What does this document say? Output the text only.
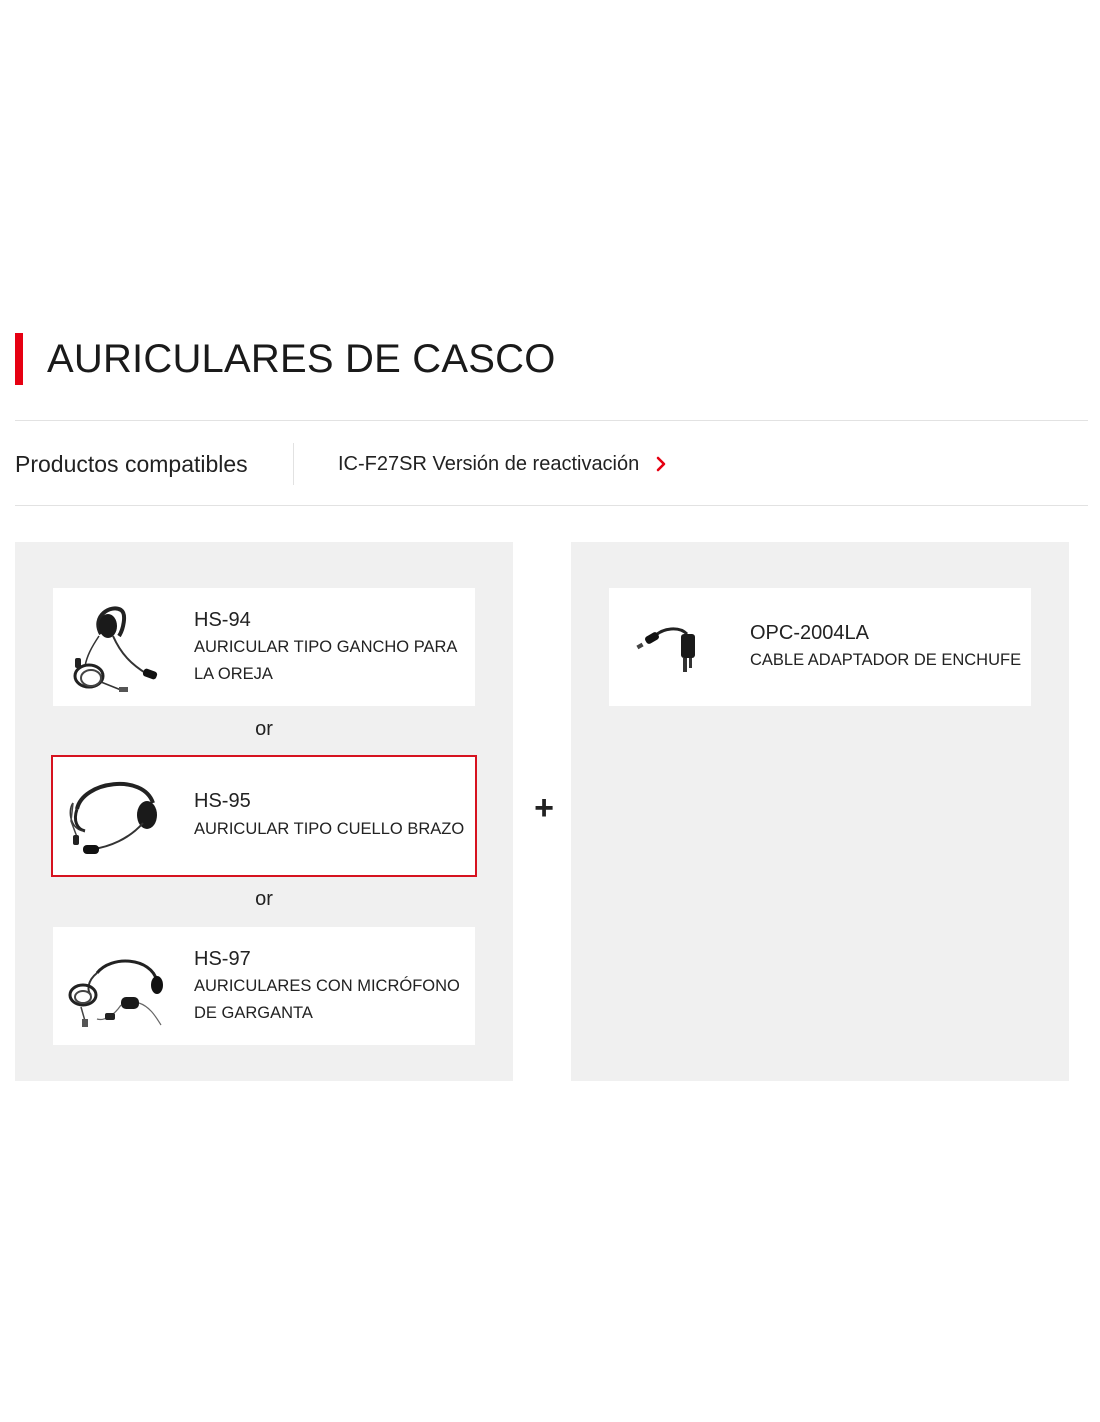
AURICULARES DE CASCO
Productos compatibles	IC-F27SR Versión de reactivación
HS-94
AURICULAR TIPO GANCHO PARA LA OREJA
or
HS-95
AURICULAR TIPO CUELLO BRAZO
or
HS-97
AURICULARES CON MICRÓFONO DE GARGANTA
+
OPC-2004LA
CABLE ADAPTADOR DE ENCHUFE
